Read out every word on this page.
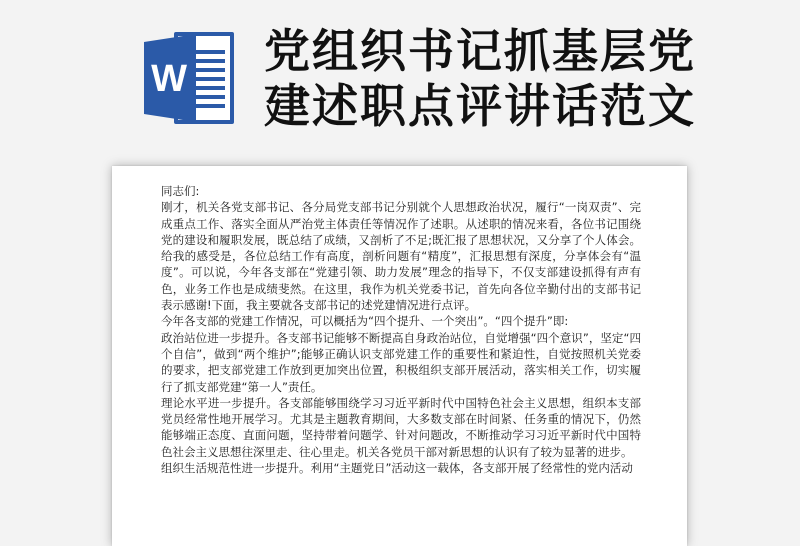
W
党组织书记抓基层党
建述职点评讲话范文

同志们:

刚才，机关各党支部书记、各分局党支部书记分别就个人思想政治状况，履行“一岗双责”、完成重点工作、落实全面从严治党主体责任等情况作了述职。从述职的情况来看，各位书记围绕党的建设和履职发展，既总结了成绩，又剖析了不足;既汇报了思想状况，又分享了个人体会。给我的感受是，各位总结工作有高度，剖析问题有“精度”，汇报思想有深度，分享体会有“温度”。可以说，今年各支部在“党建引领、助力发展”理念的指导下，不仅支部建设抓得有声有色，业务工作也是成绩斐然。在这里，我作为机关党委书记，首先向各位辛勤付出的支部书记表示感谢!下面，我主要就各支部书记的述党建情况进行点评。

今年各支部的党建工作情况，可以概括为“四个提升、一个突出”。“四个提升”即:

政治站位进一步提升。各支部书记能够不断提高自身政治站位，自觉增强“四个意识”，坚定“四个自信”，做到“两个维护”;能够正确认识支部党建工作的重要性和紧迫性，自觉按照机关党委的要求，把支部党建工作放到更加突出位置，积极组织支部开展活动，落实相关工作，切实履行了抓支部党建“第一人”责任。

理论水平进一步提升。各支部能够围绕学习习近平新时代中国特色社会主义思想，组织本支部党员经常性地开展学习。尤其是主题教育期间，大多数支部在时间紧、任务重的情况下，仍然能够端正态度、直面问题，坚持带着问题学、针对问题改，不断推动学习习近平新时代中国特色社会主义思想往深里走、往心里走。机关各党员干部对新思想的认识有了较为显著的进步。

组织生活规范性进一步提升。利用“主题党日”活动这一载体，各支部开展了经常性的党内活动
